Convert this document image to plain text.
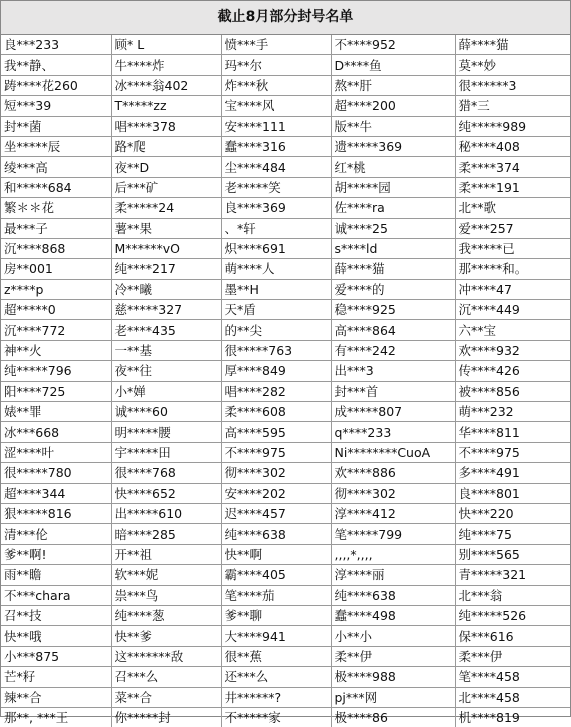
截止8月部分封号名单
良***233	顾* L	愤***手	不****952	薛****猫
我**静、	牛****炸	玛**尔	D****鱼	莫**妙
踌****花260	冰****翁402	炸***秋	熬**肝	很******3
短***39	T*****zz	宝****风	超****200	猎*三
封**菌	唱****378	安****111	版**牛	纯*****989
坐*****辰	路*爬	蠢****316	遗*****369	秘****408
绫***高	夜**D	尘****484	红*桃	柔****374
和*****684	后***矿	老*****笑	胡*****园	柔****191
繁＊＊花	柔*****24	良****369	佐****ra	北**歌
最***子	薯**果	、*轩	诚****25	爱***257
沉****868	M******vO	炽****691	s****ld	我*****已
房**001	纯****217	萌****人	薛****猫	那*****和。
z****p	冷**曦	墨**H	爱****的	冲****47
超*****0	慈*****327	天*盾	稳****925	沉****449
沉****772	老****435	的**尖	高****864	六**宝
神**火	一**基	很*****763	有****242	欢****932
纯*****796	夜**往	厚****849	出***3	传****426
阳****725	小*婵	唱****282	封***首	被****856
婊**罪	诚****60	柔****608	成*****807	萌***232
冰***668	明*****腰	高****595	q****233	华****811
涩****叶	宇*****田	不****975	Ni********CuoA	不****975
很*****780	很****768	彻****302	欢****886	多****491
超****344	快****652	安****202	彻****302	良****801
狠*****816	出*****610	迟****457	淳****412	快***220
清***伦	暗****285	纯****638	笔*****799	纯****75
爹**啊!	开**祖	快**啊	,,,,*,,,,	别****565
雨**瞻	软***妮	霸****405	淳****丽	青*****321
不***chara	祟***鸟	笔****茄	纯****638	北***翁
召**技	纯****葱	爹**聊	蠢****498	纯*****526
快**哦	快**爹	大****941	小**小	保***616
小***875	这*******敌	很**蕉	柔**伊	柔***伊
芒*籽	召***么	还***么	极****988	笔****458
辣**合	菜**合	井******?	pj***网	北****458
那**, ***王	你*****封	不*****家	极****86	机****819
